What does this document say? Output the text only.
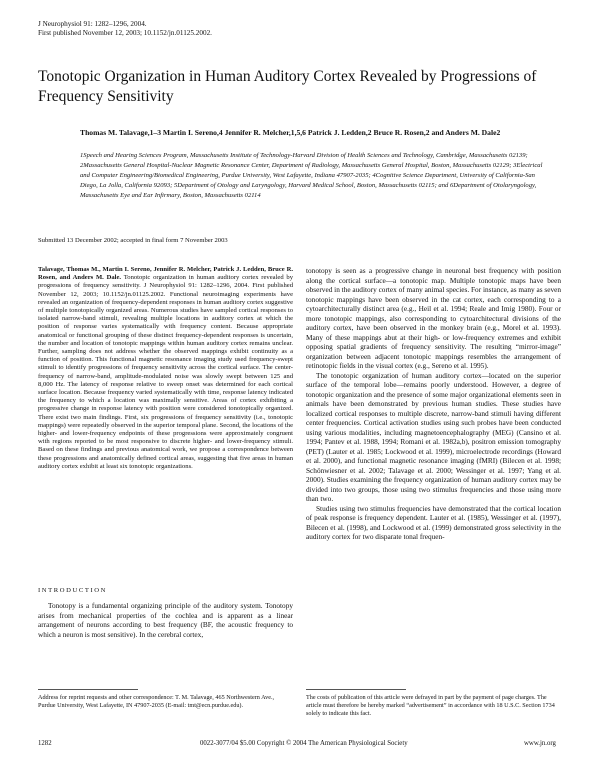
J Neurophysiol 91: 1282–1296, 2004.
First published November 12, 2003; 10.1152/jn.01125.2002.
Tonotopic Organization in Human Auditory Cortex Revealed by Progressions of Frequency Sensitivity
Thomas M. Talavage,1–3 Martin I. Sereno,4 Jennifer R. Melcher,1,5,6 Patrick J. Ledden,2 Bruce R. Rosen,2 and Anders M. Dale2
1Speech and Hearing Sciences Program, Massachusetts Institute of Technology-Harvard Division of Health Sciences and Technology, Cambridge, Massachusetts 02139; 2Massachusetts General Hospital-Nuclear Magnetic Resonance Center, Department of Radiology, Massachusetts General Hospital, Boston, Massachusetts 02129; 3Electrical and Computer Engineering/Biomedical Engineering, Purdue University, West Lafayette, Indiana 47907-2035; 4Cognitive Science Department, University of California-San Diego, La Jolla, California 92093; 5Department of Otology and Laryngology, Harvard Medical School, Boston, Massachusetts 02115; and 6Department of Otolaryngology, Massachusetts Eye and Ear Infirmary, Boston, Massachusetts 02114
Submitted 13 December 2002; accepted in final form 7 November 2003

Talavage, Thomas M., Martin I. Sereno, Jennifer R. Melcher, Patrick J. Ledden, Bruce R. Rosen, and Anders M. Dale. Tonotopic organization in human auditory cortex revealed by progressions of frequency sensitivity. J Neurophysiol 91: 1282–1296, 2004. First published November 12, 2003; 10.1152/jn.01125.2002. Functional neuroimaging experiments have revealed an organization of frequency-dependent responses in human auditory cortex suggestive of multiple tonotopically organized areas. Numerous studies have sampled cortical responses to isolated narrow-band stimuli, revealing multiple locations in auditory cortex at which the position of response varies systematically with frequency content. Because appropriate anatomical or functional grouping of these distinct frequency-dependent responses is uncertain, the number and location of tonotopic mappings within human auditory cortex remains unclear. Further, sampling does not address whether the observed mappings exhibit continuity as a function of position. This functional magnetic resonance imaging study used frequency-swept stimuli to identify progressions of frequency sensitivity across the cortical surface. The center-frequency of narrow-band, amplitude-modulated noise was slowly swept between 125 and 8,000 Hz. The latency of response relative to sweep onset was determined for each cortical surface location. Because frequency varied systematically with time, response latency indicated the frequency to which a location was maximally sensitive. Areas of cortex exhibiting a progressive change in response latency with position were considered tonotopically organized. There exist two main findings. First, six progressions of frequency sensitivity (i.e., tonotopic mappings) were repeatedly observed in the superior temporal plane. Second, the locations of the higher- and lower-frequency endpoints of these progressions were approximately congruent with regions reported to be most responsive to discrete higher- and lower-frequency stimuli. Based on these findings and previous anatomical work, we propose a correspondence between these progressions and anatomically defined cortical areas, suggesting that five areas in human auditory cortex exhibit at least six tonotopic organizations.

INTRODUCTION

Tonotopy is a fundamental organizing principle of the auditory system. Tonotopy arises from mechanical properties of the cochlea and is apparent as a linear arrangement of neurons according to best frequency (BF, the acoustic frequency to which a neuron is most sensitive). In the cerebral cortex,

tonotopy is seen as a progressive change in neuronal best frequency with position along the cortical surface—a tonotopic map. Multiple tonotopic maps have been observed in the auditory cortex of many animal species. For instance, as many as seven tonotopic mappings have been observed in the cat cortex, each corresponding to a cytoarchitecturally distinct area (e.g., Heil et al. 1994; Reale and Imig 1980). Four or more tonotopic mappings, also corresponding to cytoarchitectural divisions of the auditory cortex, have been observed in the monkey brain (e.g., Morel et al. 1993). Many of these mappings abut at their high- or low-frequency extremes and exhibit opposing spatial gradients of frequency sensitivity. The resulting “mirror-image” organization between adjacent tonotopic mappings resembles the arrangement of retinotopic fields in the visual cortex (e.g., Sereno et al. 1995).

The tonotopic organization of human auditory cortex—located on the superior surface of the temporal lobe—remains poorly understood. However, a degree of tonotopic organization and the presence of some major organizational elements seen in animals have been demonstrated by previous human studies. These studies have localized cortical responses to multiple discrete, narrow-band stimuli having different center frequencies. Cortical activation studies using such probes have been conducted using various modalities, including magnetoencephalography (MEG) (Cansino et al. 1994; Pantev et al. 1988, 1994; Romani et al. 1982a,b), positron emission tomography (PET) (Lauter et al. 1985; Lockwood et al. 1999), microelectrode recordings (Howard et al. 2000), and functional magnetic resonance imaging (fMRI) (Bilecen et al. 1998; Schönwiesner et al. 2002; Talavage et al. 2000; Wessinger et al. 1997; Yang et al. 2000). Studies examining the frequency organization of human auditory cortex may be divided into two groups, those using two stimulus frequencies and those using more than two.

Studies using two stimulus frequencies have demonstrated that the cortical location of peak response is frequency dependent. Lauter et al. (1985), Wessinger et al. (1997), Bilecen et al. (1998), and Lockwood et al. (1999) demonstrated gross selectivity in the auditory cortex for two disparate tonal frequen-

Address for reprint requests and other correspondence: T. M. Talavage, 465 Northwestern Ave., Purdue University, West Lafayette, IN 47907-2035 (E-mail: tmt@ecn.purdue.edu).
The costs of publication of this article were defrayed in part by the payment of page charges. The article must therefore be hereby marked “advertisement” in accordance with 18 U.S.C. Section 1734 solely to indicate this fact.
1282	0022-3077/04 $5.00 Copyright © 2004 The American Physiological Society	www.jn.org
